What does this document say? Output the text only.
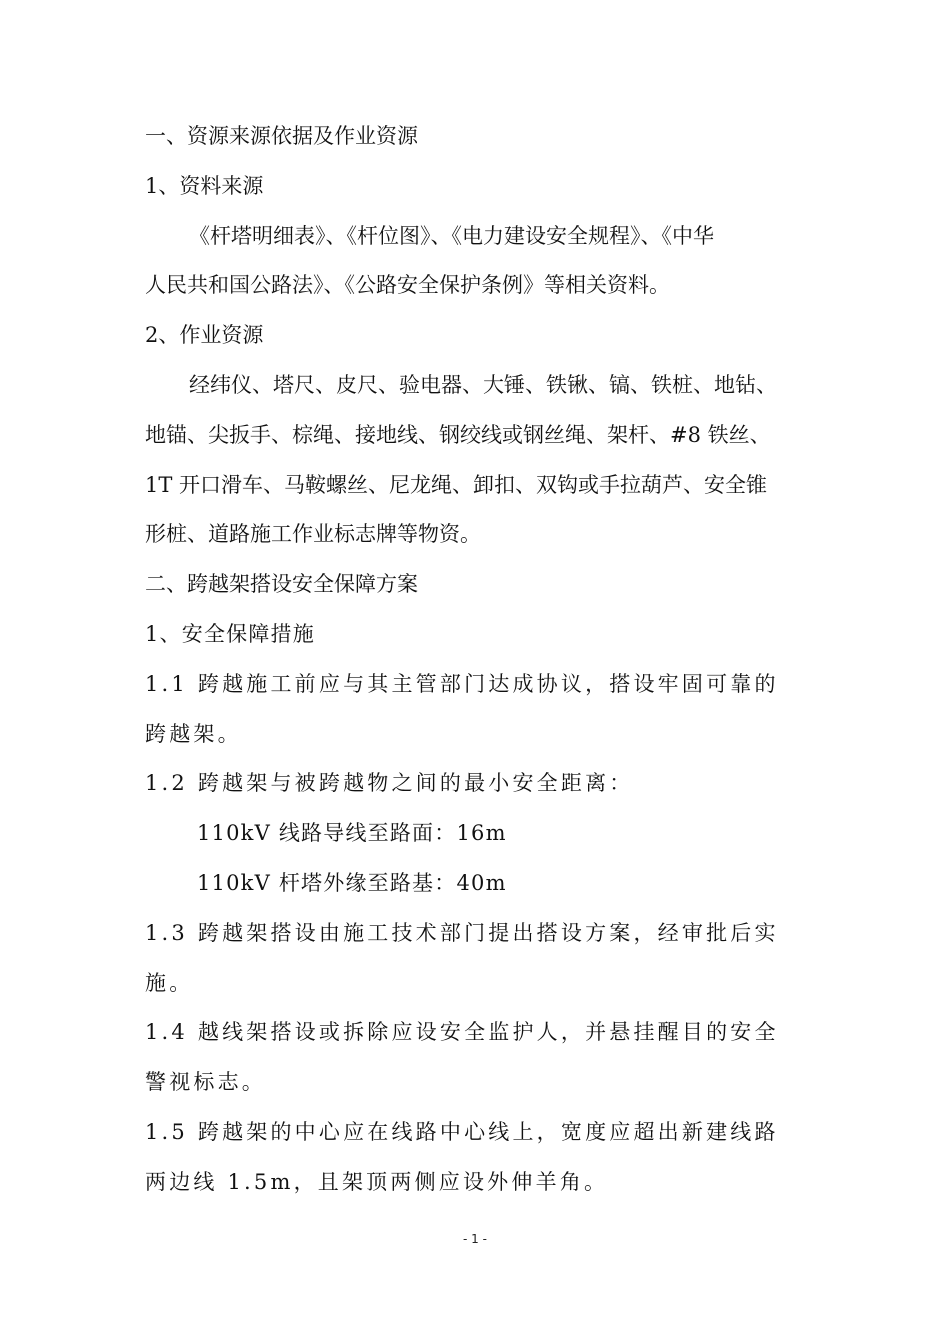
一、资源来源依据及作业资源
1、资料来源
《杆塔明细表》、《杆位图》、《电力建设安全规程》、《中华
人民共和国公路法》、《公路安全保护条例》等相关资料。
2、作业资源
经纬仪、塔尺、皮尺、验电器、大锤、铁锹、镐、铁桩、地钻、
地锚、尖扳手、棕绳、接地线、钢绞线或钢丝绳、架杆、#8 铁丝、
1T 开口滑车、马鞍螺丝、尼龙绳、卸扣、双钩或手拉葫芦、安全锥
形桩、道路施工作业标志牌等物资。
二、跨越架搭设安全保障方案
1、安全保障措施
1.1 跨越施工前应与其主管部门达成协议，搭设牢固可靠的
跨越架。
1.2 跨越架与被跨越物之间的最小安全距离：
110kV 线路导线至路面：16m
110kV 杆塔外缘至路基：40m
1.3 跨越架搭设由施工技术部门提出搭设方案，经审批后实
施。
1.4 越线架搭设或拆除应设安全监护人，并悬挂醒目的安全
警视标志。
1.5 跨越架的中心应在线路中心线上，宽度应超出新建线路
两边线 1.5m，且架顶两侧应设外伸羊角。
- 1 -
